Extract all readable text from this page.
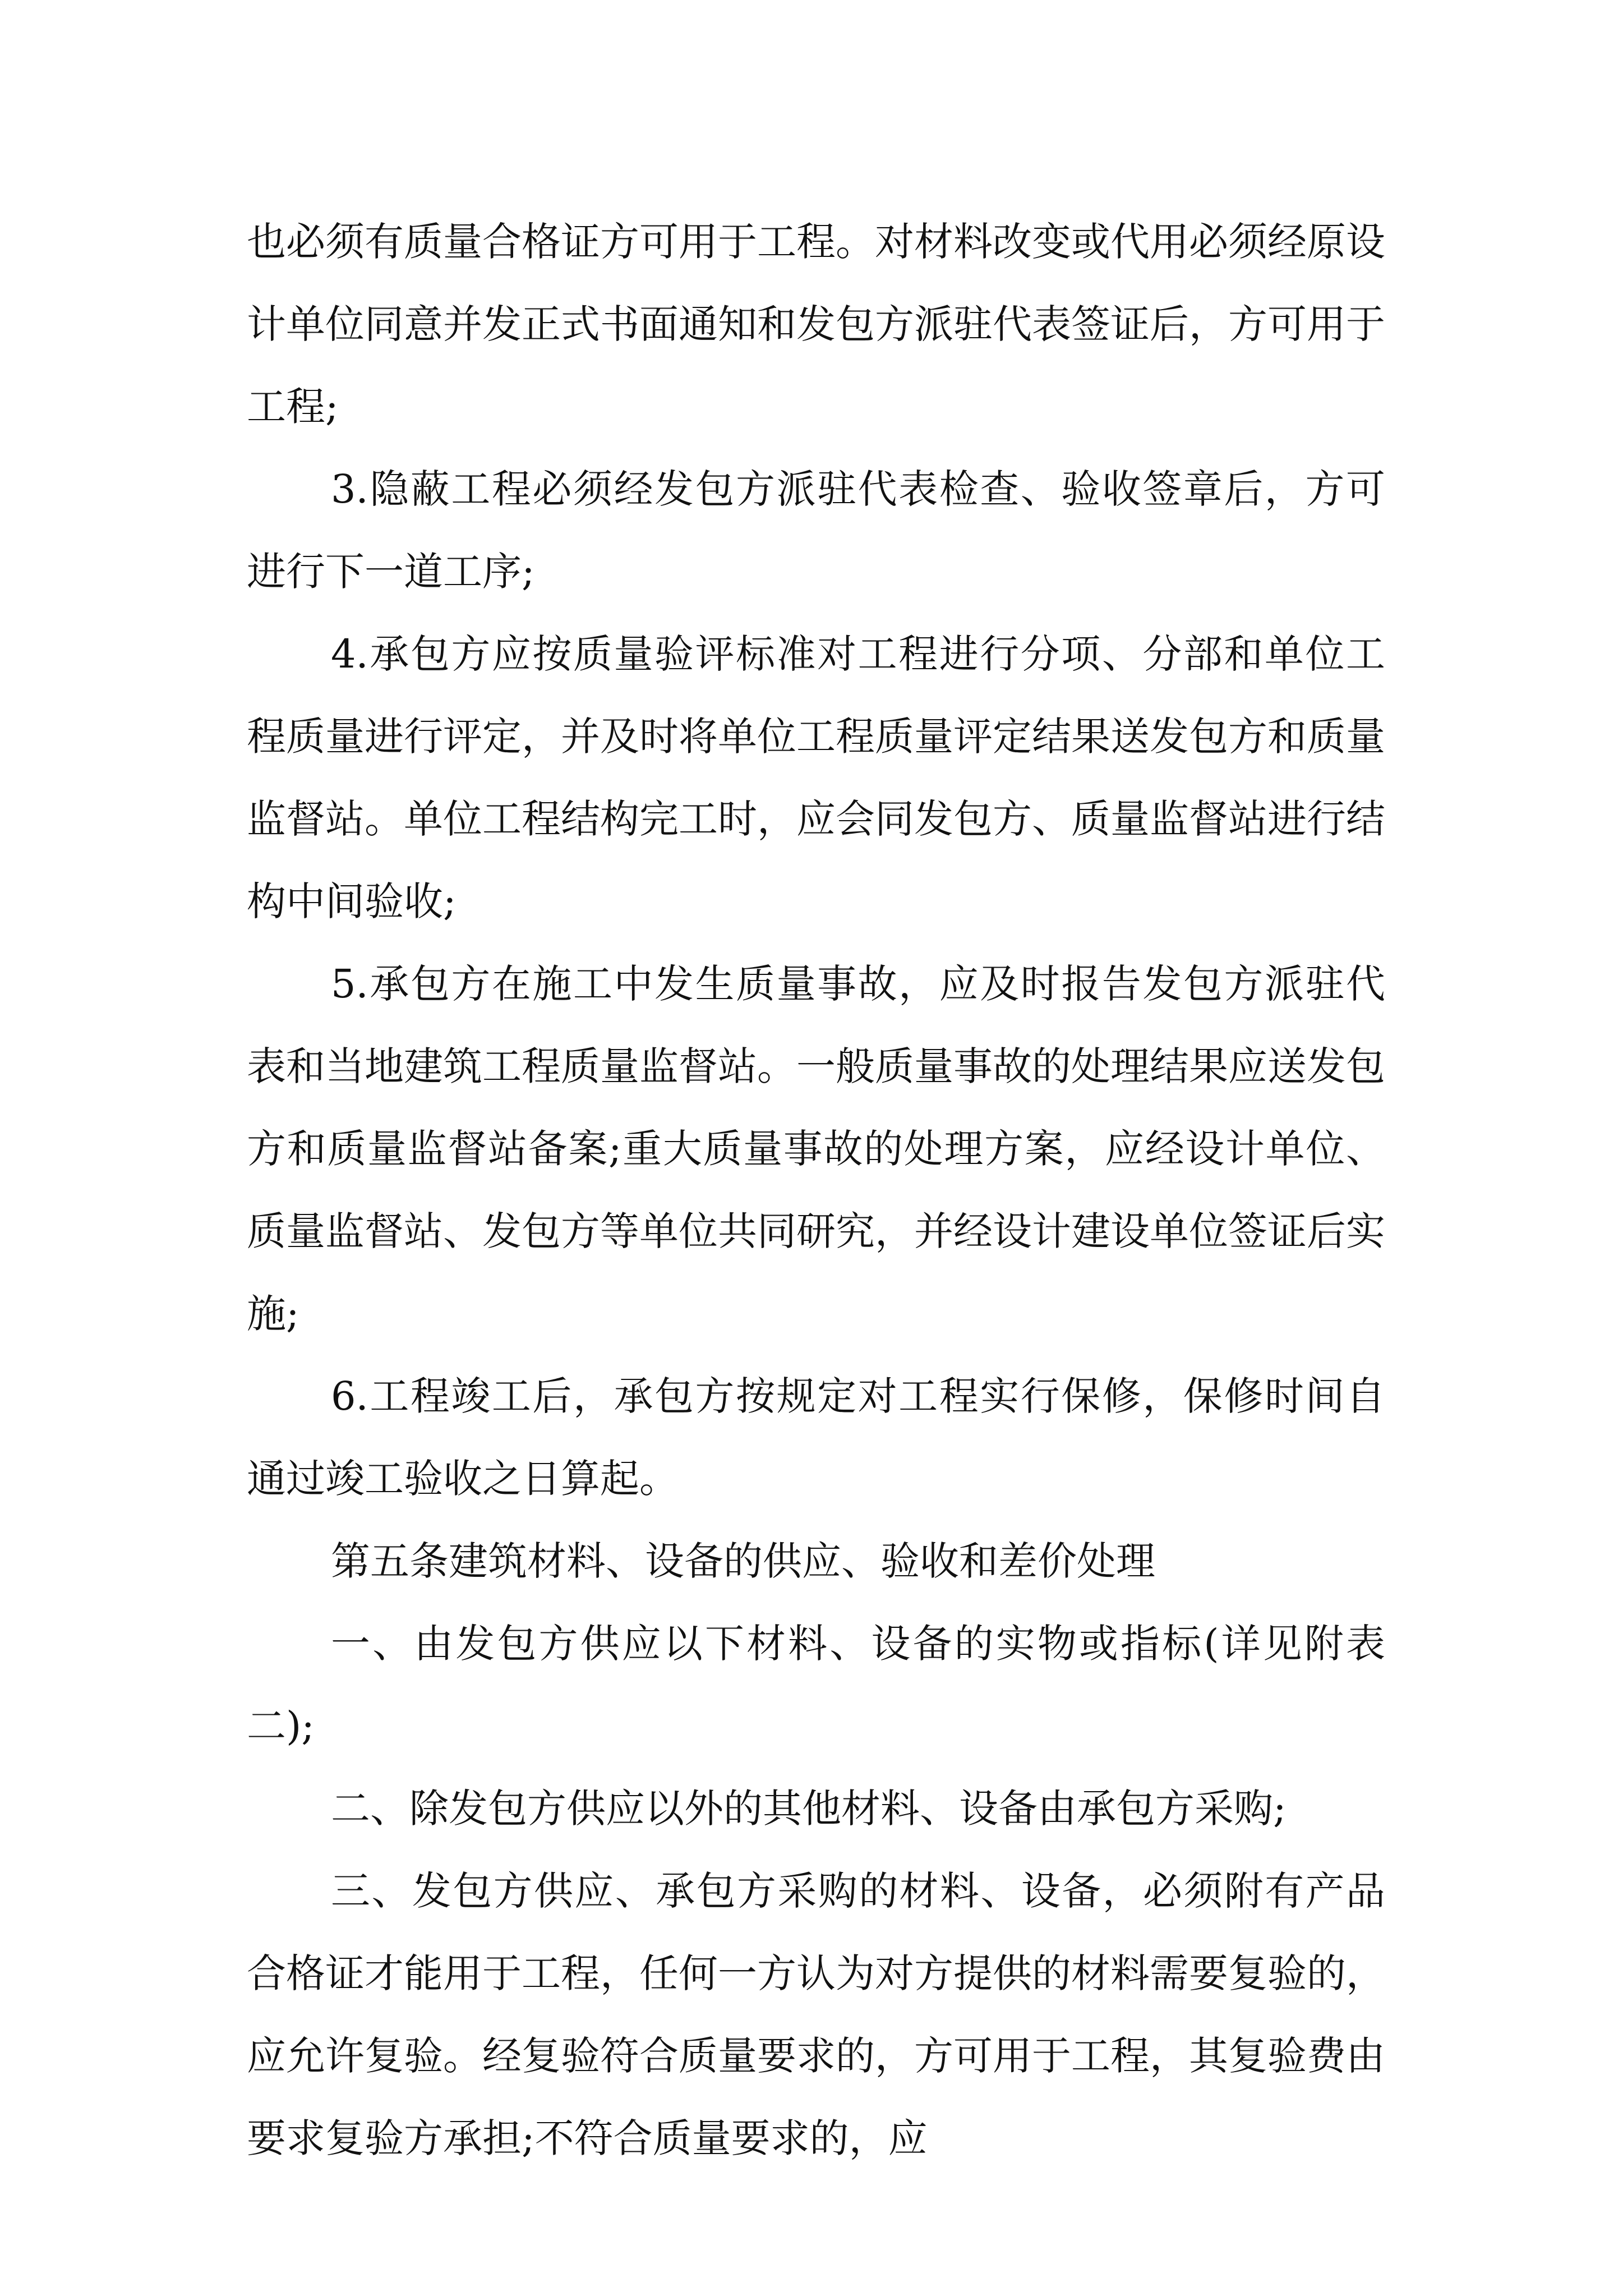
也必须有质量合格证方可用于工程。对材料改变或代用必须经原设计单位同意并发正式书面通知和发包方派驻代表签证后，方可用于工程;

3.隐蔽工程必须经发包方派驻代表检查、验收签章后，方可进行下一道工序;

4.承包方应按质量验评标准对工程进行分项、分部和单位工程质量进行评定，并及时将单位工程质量评定结果送发包方和质量监督站。单位工程结构完工时，应会同发包方、质量监督站进行结构中间验收;

5.承包方在施工中发生质量事故，应及时报告发包方派驻代表和当地建筑工程质量监督站。一般质量事故的处理结果应送发包方和质量监督站备案;重大质量事故的处理方案，应经设计单位、质量监督站、发包方等单位共同研究，并经设计建设单位签证后实施;

6.工程竣工后，承包方按规定对工程实行保修，保修时间自通过竣工验收之日算起。

第五条建筑材料、设备的供应、验收和差价处理

一、由发包方供应以下材料、设备的实物或指标(详见附表二);

二、除发包方供应以外的其他材料、设备由承包方采购;

三、发包方供应、承包方采购的材料、设备，必须附有产品合格证才能用于工程，任何一方认为对方提供的材料需要复验的，应允许复验。经复验符合质量要求的，方可用于工程，其复验费由要求复验方承担;不符合质量要求的，应
